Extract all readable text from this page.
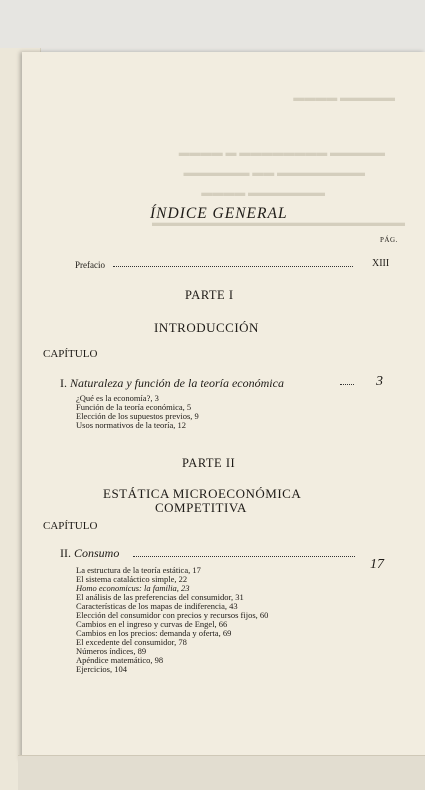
▬▬▬▬ ▬▬▬▬▬
▬▬▬▬ ▬ ▬▬▬▬▬▬▬▬ ▬▬▬▬▬
▬▬▬▬▬▬ ▬▬ ▬▬▬▬▬▬▬▬
▬▬▬▬ ▬▬▬▬▬▬▬
▬▬▬▬▬▬▬▬▬▬▬▬▬▬▬▬▬▬▬▬▬▬▬
ÍNDICE GENERAL
PÁG.
Prefacio	XIII
PARTE I
INTRODUCCIÓN
CAPÍTULO
I. Naturaleza y función de la teoría económica	3
¿Qué es la economía?, 3
Función de la teoría económica, 5
Elección de los supuestos previos, 9
Usos normativos de la teoría, 12
PARTE II
ESTÁTICA MICROECONÓMICA
COMPETITIVA
CAPÍTULO
II. Consumo
17
La estructura de la teoría estática, 17
El sistema cataláctico simple, 22
Homo economicus: la familia, 23
El análisis de las preferencias del consumidor, 31
Características de los mapas de indiferencia, 43
Elección del consumidor con precios y recursos fijos, 60
Cambios en el ingreso y curvas de Engel, 66
Cambios en los precios: demanda y oferta, 69
El excedente del consumidor, 78
Números índices, 89
Apéndice matemático, 98
Ejercicios, 104
